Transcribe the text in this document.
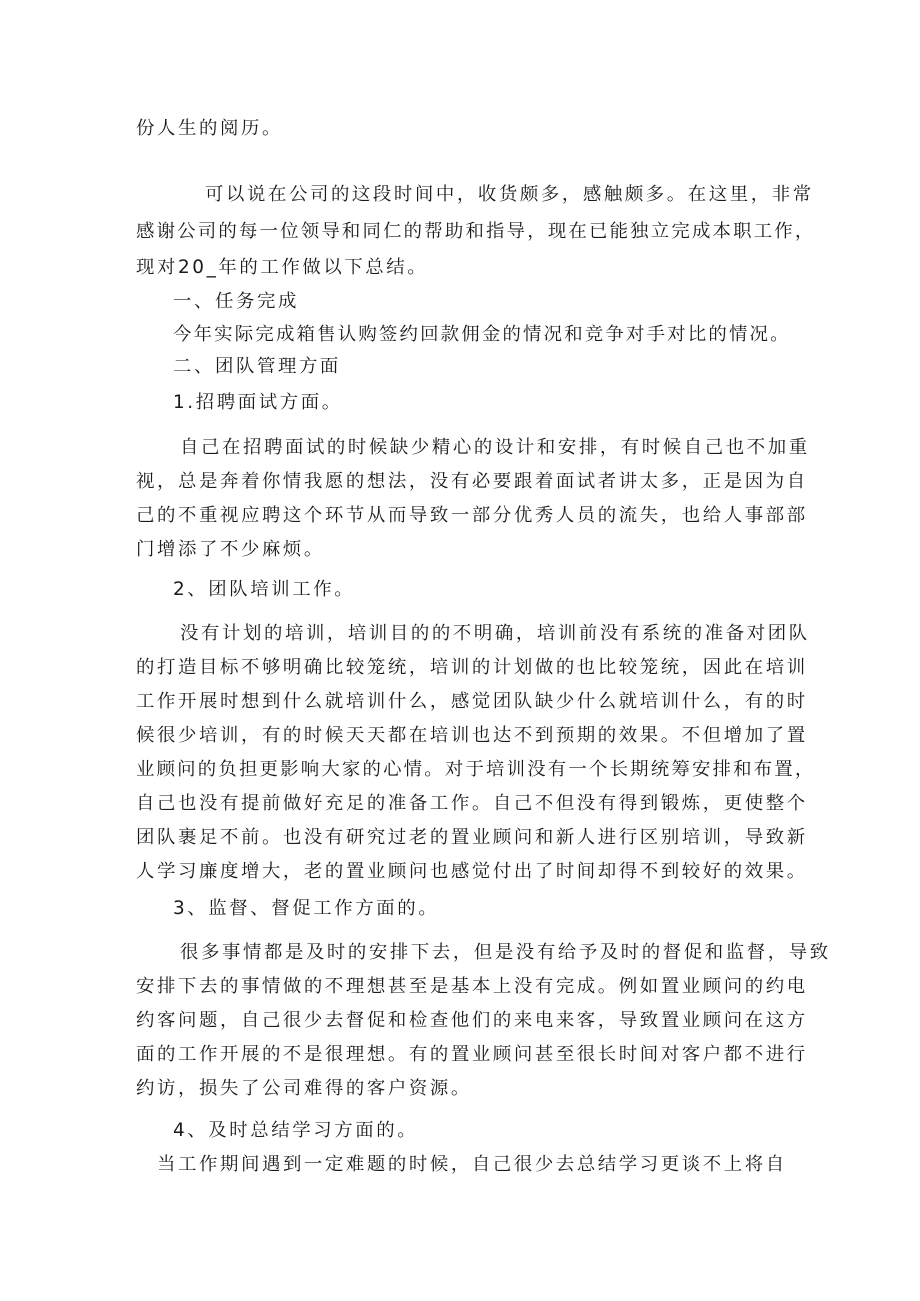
份人生的阅历。
可以说在公司的这段时间中，收货颇多，感触颇多。在这里，非常
感谢公司的每一位领导和同仁的帮助和指导，现在已能独立完成本职工作，
现对20_年的工作做以下总结。
一、任务完成
今年实际完成箱售认购签约回款佣金的情况和竞争对手对比的情况。
二、团队管理方面
1.招聘面试方面。
自己在招聘面试的时候缺少精心的设计和安排，有时候自己也不加重
视，总是奔着你情我愿的想法，没有必要跟着面试者讲太多，正是因为自
己的不重视应聘这个环节从而导致一部分优秀人员的流失，也给人事部部
门增添了不少麻烦。
2、团队培训工作。
没有计划的培训，培训目的的不明确，培训前没有系统的准备对团队
的打造目标不够明确比较笼统，培训的计划做的也比较笼统，因此在培训
工作开展时想到什么就培训什么，感觉团队缺少什么就培训什么，有的时
候很少培训，有的时候天天都在培训也达不到预期的效果。不但增加了置
业顾问的负担更影响大家的心情。对于培训没有一个长期统筹安排和布置，
自己也没有提前做好充足的准备工作。自己不但没有得到锻炼，更使整个
团队裹足不前。也没有研究过老的置业顾问和新人进行区别培训，导致新
人学习廉度增大，老的置业顾问也感觉付出了时间却得不到较好的效果。
3、监督、督促工作方面的。
很多事情都是及时的安排下去，但是没有给予及时的督促和监督，导致
安排下去的事情做的不理想甚至是基本上没有完成。例如置业顾问的约电
约客问题，自己很少去督促和检查他们的来电来客，导致置业顾问在这方
面的工作开展的不是很理想。有的置业顾问甚至很长时间对客户都不进行
约访，损失了公司难得的客户资源。
4、及时总结学习方面的。
当工作期间遇到一定难题的时候，自己很少去总结学习更谈不上将自
